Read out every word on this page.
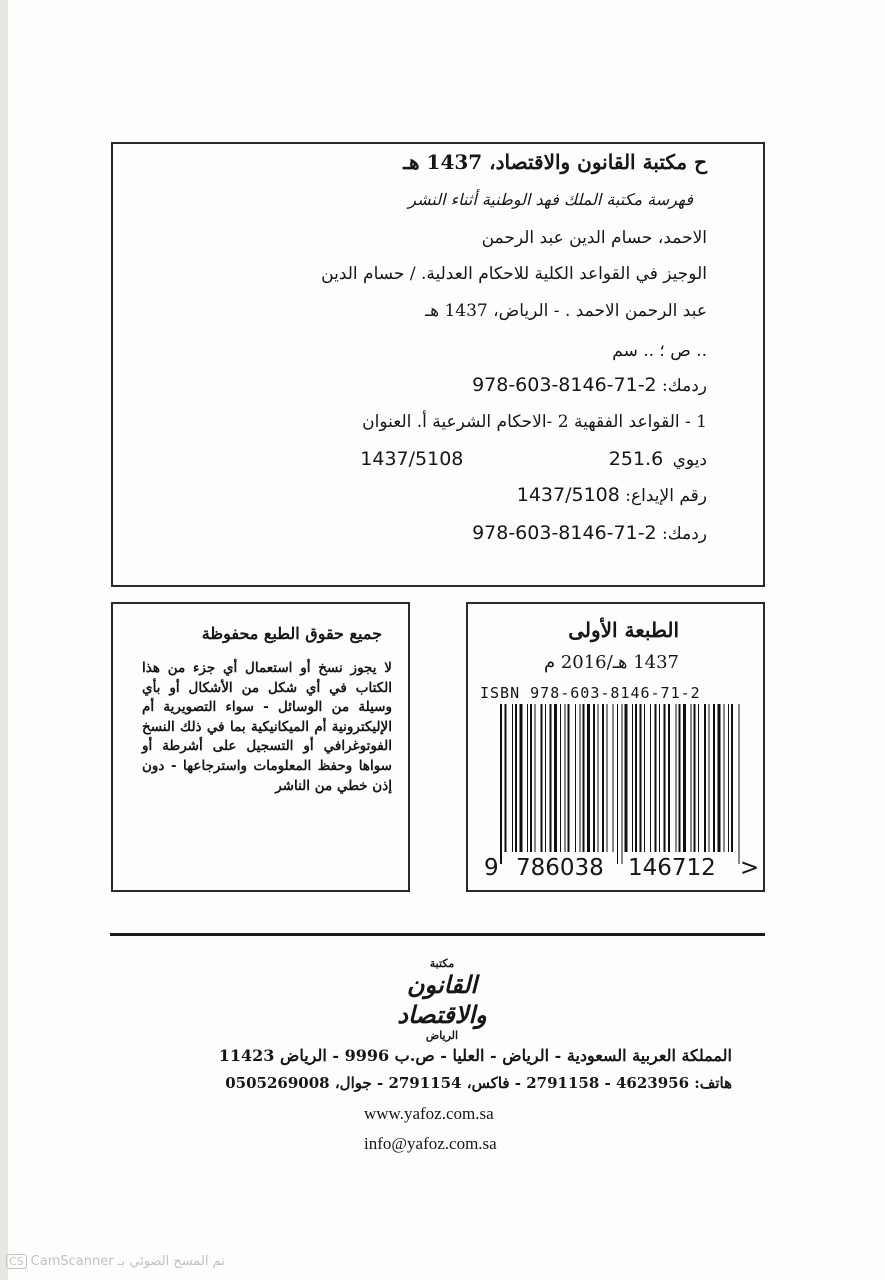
ح مكتبة القانون والاقتصاد، 1437 هـ
فهرسة مكتبة الملك فهد الوطنية أثناء النشر
الاحمد، حسام الدين عبد الرحمن
الوجيز في القواعد الكلية للاحكام العدلية. / حسام الدين
عبد الرحمن الاحمد . - الرياض، 1437 هـ
.. ص ؛ .. سم
ردمك: 978-603-8146-71-2
1 - القواعد الفقهية 2 -الاحكام الشرعية أ. العنوان
ديوي 251.6 1437/5108
رقم الإيداع: 1437/5108
ردمك: 978-603-8146-71-2
جميع حقوق الطبع محفوظة
لا يجوز نسخ أو استعمال أي جزء من هذا الكتاب في أي شكل من الأشكال أو بأي وسيلة من الوسائل - سواء التصويرية أم الإليكترونية أم الميكانيكية بما في ذلك النسخ الفوتوغرافي أو التسجيل على أشرطة أو سواها وحفظ المعلومات واسترجاعها - دون إذن خطي من الناشر
الطبعة الأولى
1437 هـ/2016 م
ISBN 978-603-8146-71-2
9 786038 146712 >
مكتبة
القانون والاقتصاد
الرياض
المملكة العربية السعودية - الرياض - العليا - ص.ب 9996 - الرياض 11423
هاتف: 4623956 - 2791158 - فاكس، 2791154 - جوال، 0505269008
www.yafoz.com.sa
info@yafoz.com.sa
CS تم المسح الضوئي بـ CamScanner
